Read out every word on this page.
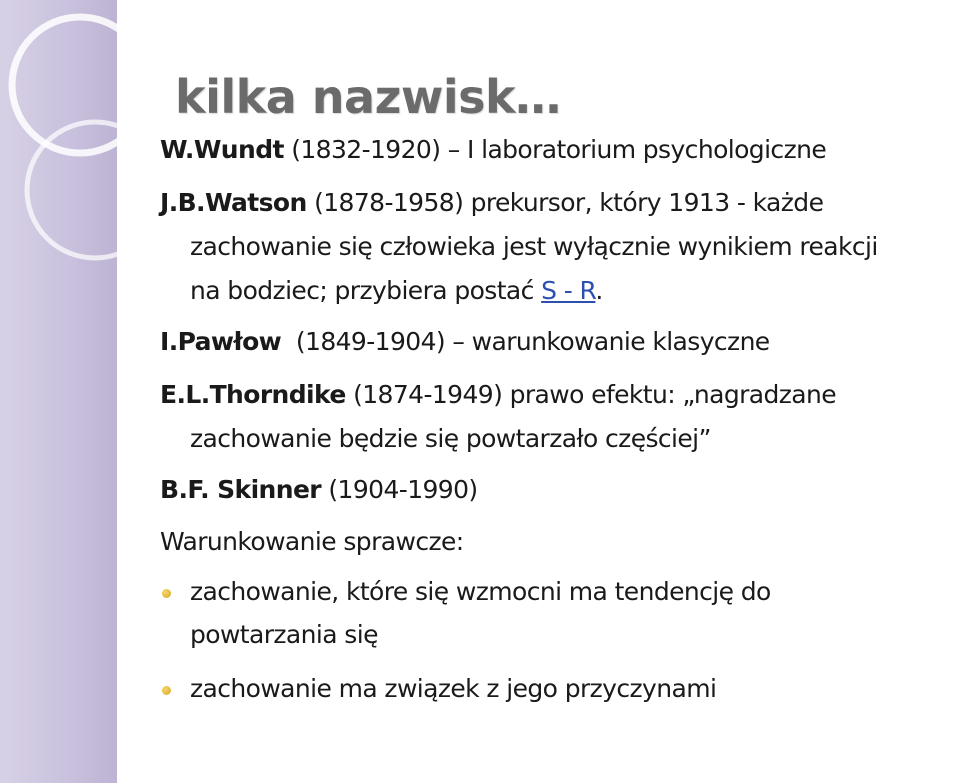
kilka nazwisk…
W.Wundt (1832-1920) – I laboratorium psychologiczne
J.B.Watson (1878-1958) prekursor, który 1913 - każde
zachowanie się człowieka jest wyłącznie wynikiem reakcji
na bodziec; przybiera postać S - R.
I.Pawłow  (1849-1904) – warunkowanie klasyczne
E.L.Thorndike (1874-1949) prawo efektu: „nagradzane
zachowanie będzie się powtarzało częściej”
B.F. Skinner (1904-1990)
Warunkowanie sprawcze:
zachowanie, które się wzmocni ma tendencję do
powtarzania się
zachowanie ma związek z jego przyczynami
